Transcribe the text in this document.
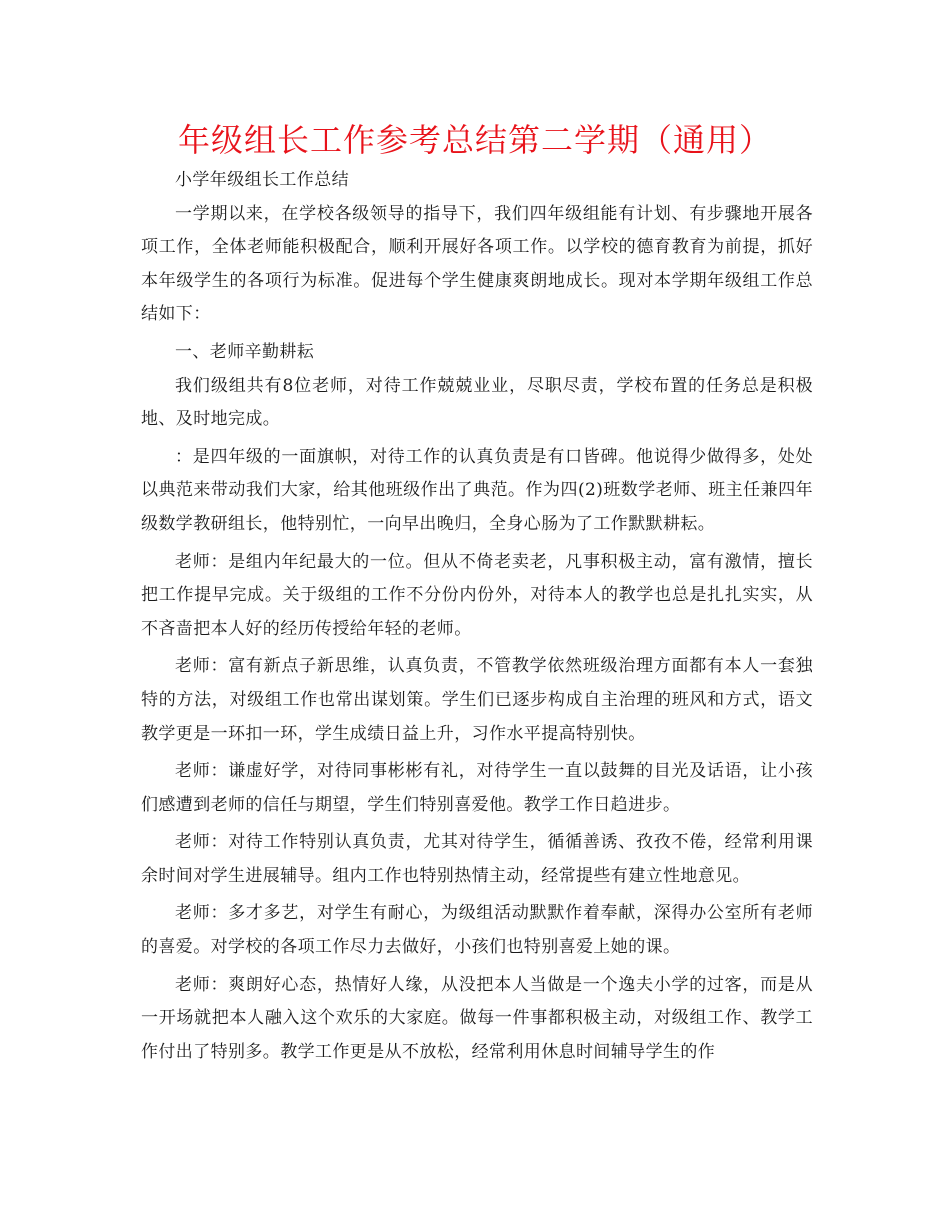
年级组长工作参考总结第二学期（通用）

小学年级组长工作总结

一学期以来，在学校各级领导的指导下，我们四年级组能有计划、有步骤地开展各项工作，全体老师能积极配合，顺利开展好各项工作。以学校的德育教育为前提，抓好本年级学生的各项行为标准。促进每个学生健康爽朗地成长。现对本学期年级组工作总结如下：

一、老师辛勤耕耘

我们级组共有8位老师，对待工作兢兢业业，尽职尽责，学校布置的任务总是积极地、及时地完成。

：是四年级的一面旗帜，对待工作的认真负责是有口皆碑。他说得少做得多，处处以典范来带动我们大家，给其他班级作出了典范。作为四(2)班数学老师、班主任兼四年级数学教研组长，他特别忙，一向早出晚归，全身心肠为了工作默默耕耘。

老师：是组内年纪最大的一位。但从不倚老卖老，凡事积极主动，富有激情，擅长把工作提早完成。关于级组的工作不分份内份外，对待本人的教学也总是扎扎实实，从不吝啬把本人好的经历传授给年轻的老师。

老师：富有新点子新思维，认真负责，不管教学依然班级治理方面都有本人一套独特的方法，对级组工作也常出谋划策。学生们已逐步构成自主治理的班风和方式，语文教学更是一环扣一环，学生成绩日益上升，习作水平提高特别快。

老师：谦虚好学，对待同事彬彬有礼，对待学生一直以鼓舞的目光及话语，让小孩们感遭到老师的信任与期望，学生们特别喜爱他。教学工作日趋进步。

老师：对待工作特别认真负责，尤其对待学生，循循善诱、孜孜不倦，经常利用课余时间对学生进展辅导。组内工作也特别热情主动，经常提些有建立性地意见。

老师：多才多艺，对学生有耐心，为级组活动默默作着奉献，深得办公室所有老师的喜爱。对学校的各项工作尽力去做好，小孩们也特别喜爱上她的课。

老师：爽朗好心态，热情好人缘，从没把本人当做是一个逸夫小学的过客，而是从一开场就把本人融入这个欢乐的大家庭。做每一件事都积极主动，对级组工作、教学工作付出了特别多。教学工作更是从不放松，经常利用休息时间辅导学生的作
